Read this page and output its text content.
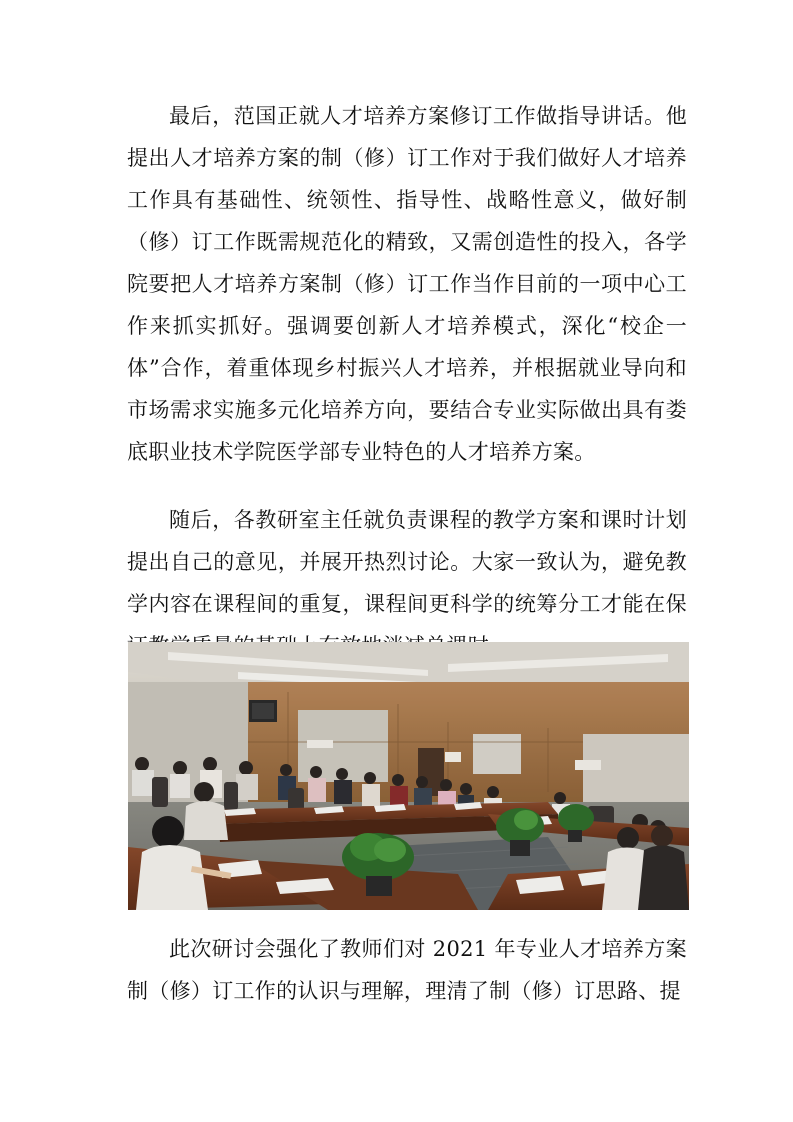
最后，范国正就人才培养方案修订工作做指导讲话。他提出人才培养方案的制（修）订工作对于我们做好人才培养工作具有基础性、统领性、指导性、战略性意义，做好制（修）订工作既需规范化的精致，又需创造性的投入，各学院要把人才培养方案制（修）订工作当作目前的一项中心工作来抓实抓好。强调要创新人才培养模式，深化“校企一体”合作，着重体现乡村振兴人才培养，并根据就业导向和市场需求实施多元化培养方向，要结合专业实际做出具有娄底职业技术学院医学部专业特色的人才培养方案。

随后，各教研室主任就负责课程的教学方案和课时计划提出自己的意见，并展开热烈讨论。大家一致认为，避免教学内容在课程间的重复，课程间更科学的统筹分工才能在保

此次研讨会强化了教师们对 2021 年专业人才培养方案制（修）订工作的认识与理解，理清了制（修）订思路、提
